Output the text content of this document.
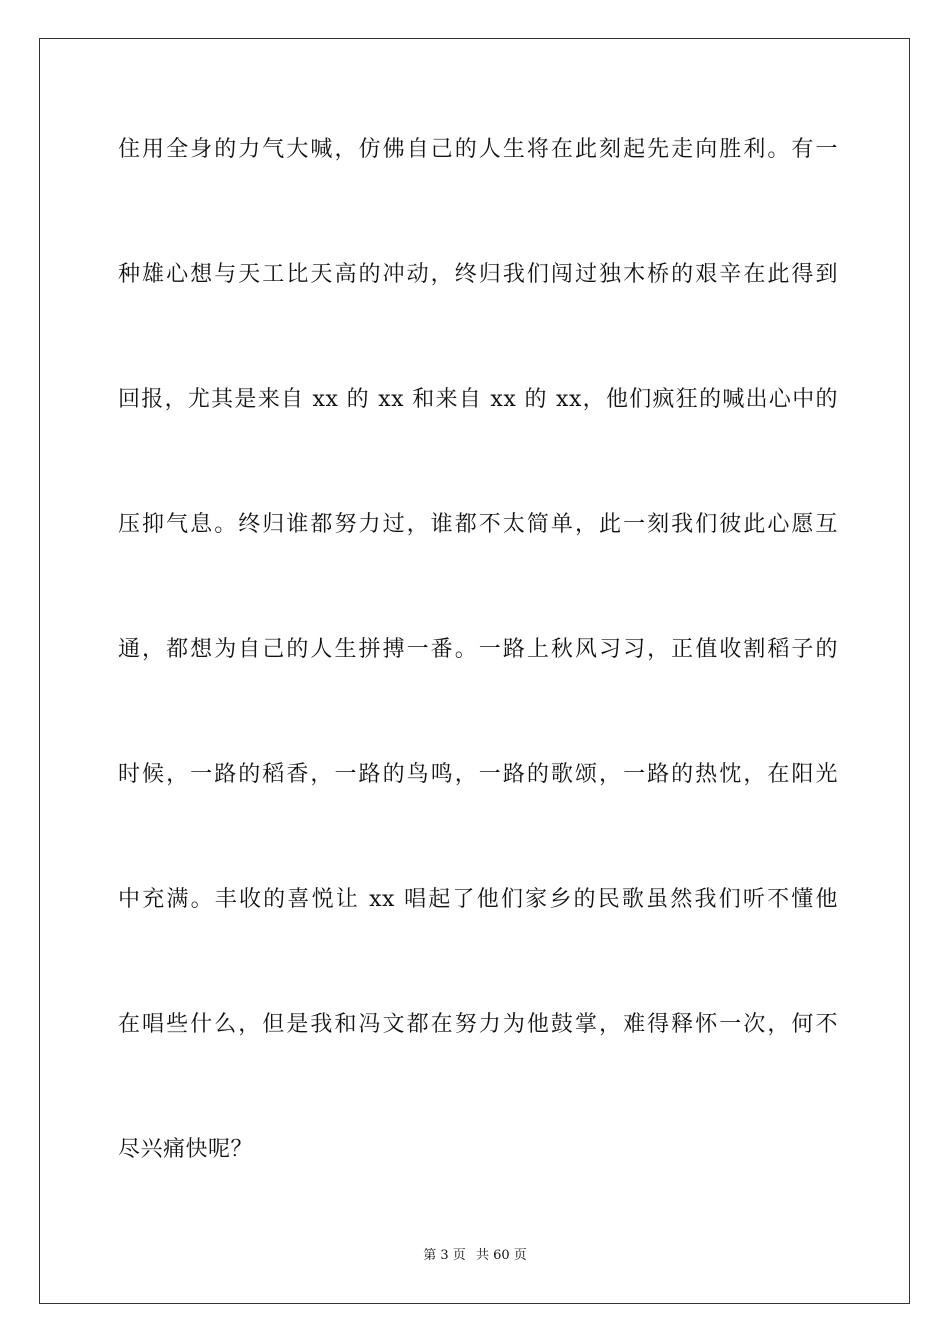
住用全身的力气大喊，仿佛自己的人生将在此刻起先走向胜利。有一
种雄心想与天工比天高的冲动，终归我们闯过独木桥的艰辛在此得到
回报，尤其是来自 xx 的 xx 和来自 xx 的 xx，他们疯狂的喊出心中的
压抑气息。终归谁都努力过，谁都不太简单，此一刻我们彼此心愿互
通，都想为自己的人生拼搏一番。一路上秋风习习，正值收割稻子的
时候，一路的稻香，一路的鸟鸣，一路的歌颂，一路的热忱，在阳光
中充满。丰收的喜悦让 xx 唱起了他们家乡的民歌虽然我们听不懂他
在唱些什么，但是我和冯文都在努力为他鼓掌，难得释怀一次，何不
尽兴痛快呢？
第 3 页 共 60 页
